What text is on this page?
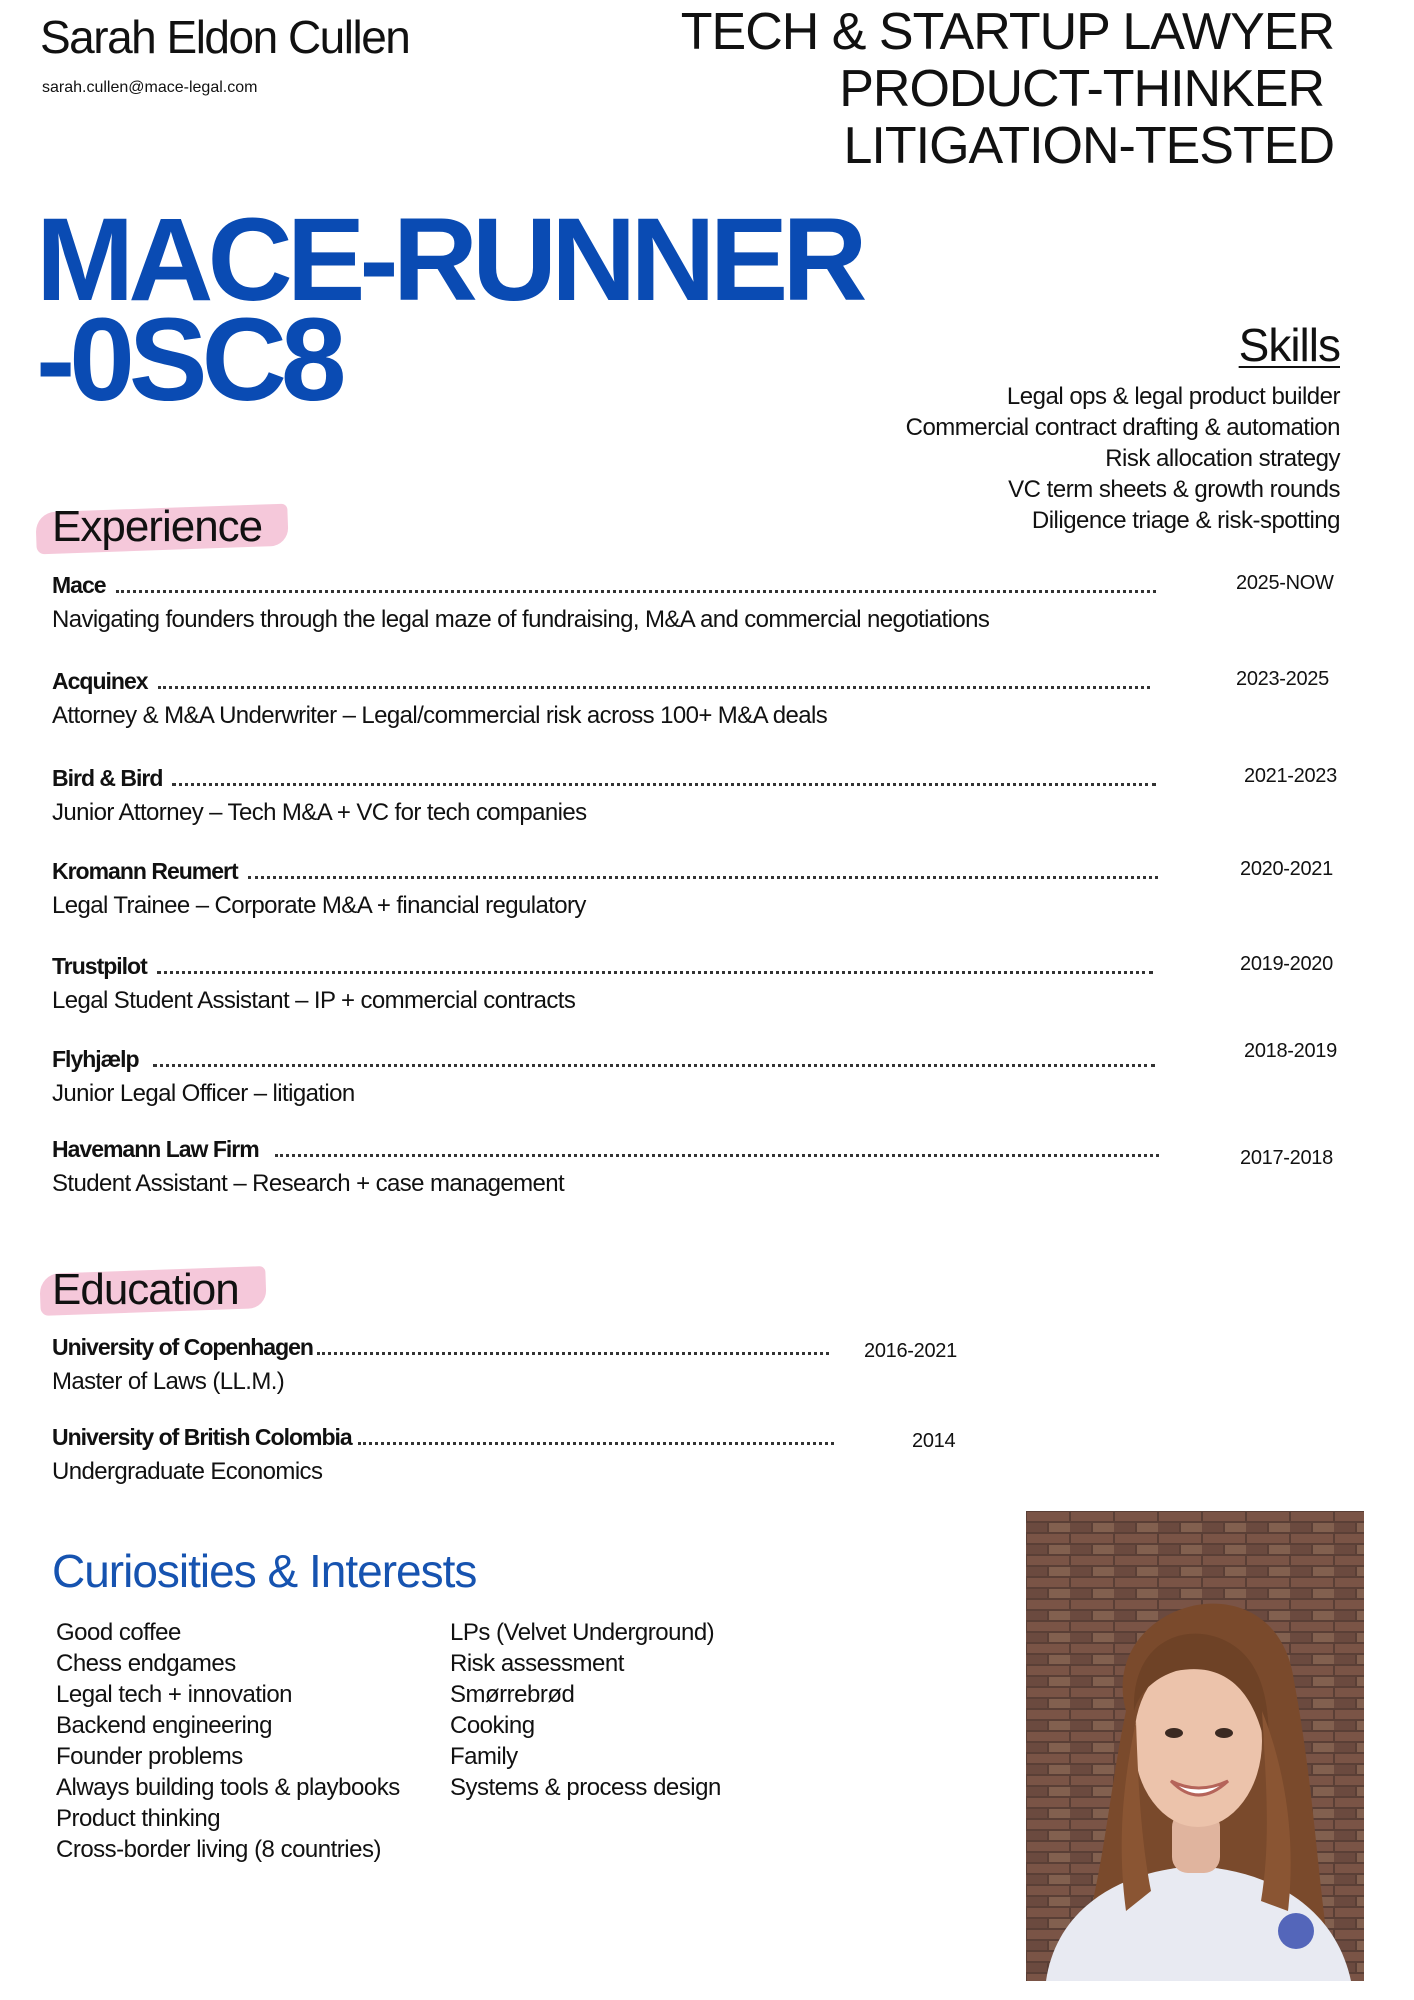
Sarah Eldon Cullen
sarah.cullen@mace-legal.com
TECH & STARTUP LAWYER
PRODUCT-THINKER
LITIGATION-TESTED
MACE-RUNNER
-0SC8	Skills
Legal ops & legal product builder
Commercial contract drafting & automation
Risk allocation strategy
VC term sheets & growth rounds
Diligence triage & risk-spotting
Experience
Mace	2025-NOW
Navigating founders through the legal maze of fundraising, M&A and commercial negotiations
Acquinex	2023-2025
Attorney & M&A Underwriter – Legal/commercial risk across 100+ M&A deals
Bird & Bird	2021-2023
Junior Attorney – Tech M&A + VC for tech companies
Kromann Reumert	2020-2021
Legal Trainee – Corporate M&A + financial regulatory
Trustpilot	2019-2020
Legal Student Assistant – IP + commercial contracts
Flyhjælp	2018-2019
Junior Legal Officer – litigation
Havemann Law Firm	2017-2018
Student Assistant – Research + case management
Education
University of Copenhagen	2016-2021
Master of Laws (LL.M.)
University of British Colombia	2014
Undergraduate Economics
Curiosities & Interests
Good coffee
Chess endgames
Legal tech + innovation
Backend engineering
Founder problems
Always building tools & playbooks
Product thinking
Cross-border living (8 countries)
LPs (Velvet Underground)
Risk assessment
Smørrebrød
Cooking
Family
Systems & process design
